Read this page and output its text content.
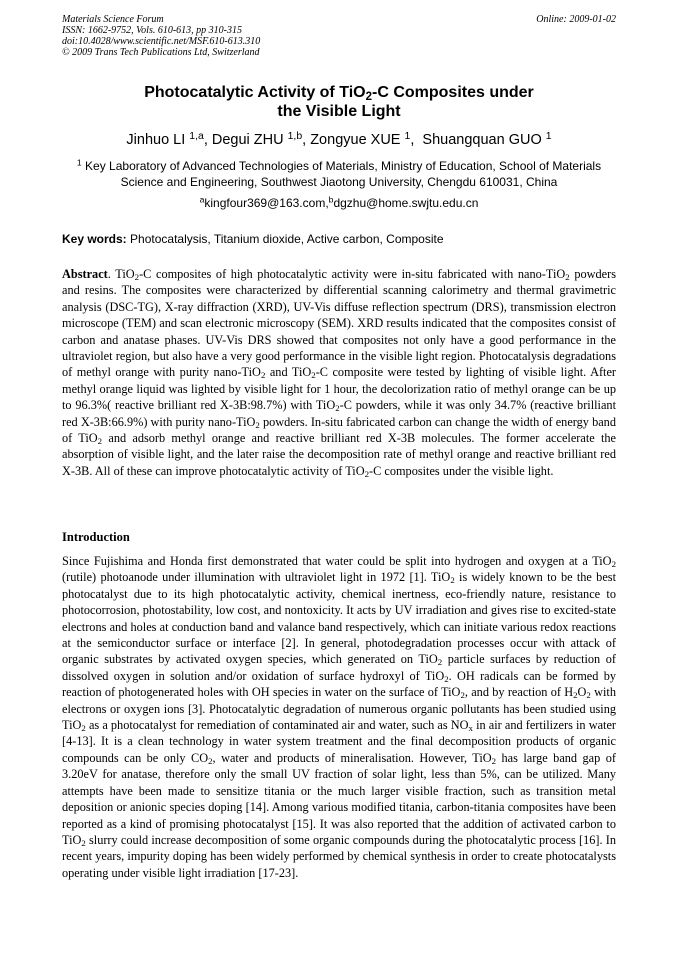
Materials Science Forum
ISSN: 1662-9752, Vols. 610-613, pp 310-315
doi:10.4028/www.scientific.net/MSF.610-613.310
© 2009 Trans Tech Publications Ltd, Switzerland
Online: 2009-01-02
Photocatalytic Activity of TiO$_2$-C Composites under
the Visible Light
Jinhuo LI $^{1,a}$, Degui ZHU $^{1,b}$, Zongyue XUE $^1$,  Shuangquan GUO $^1$
$^1$ Key Laboratory of Advanced Technologies of Materials, Ministry of Education, School of Materials
Science and Engineering, Southwest Jiaotong University, Chengdu 610031, China
$^a$kingfour369@163.com,$^b$dgzhu@home.swjtu.edu.cn
Key words: Photocatalysis, Titanium dioxide, Active carbon, Composite
Abstract. TiO$_2$-C composites of high photocatalytic activity were in-situ fabricated with nano-TiO$_2$ powders and resins. The composites were characterized by differential scanning calorimetry and thermal gravimetric analysis (DSC-TG), X-ray diffraction (XRD), UV-Vis diffuse reflection spectrum (DRS), transmission electron microscope (TEM) and scan electronic microscopy (SEM). XRD results indicated that the composites consist of carbon and anatase phases. UV-Vis DRS showed that composites not only have a good performance in the ultraviolet region, but also have a very good performance in the visible light region. Photocatalysis degradations of methyl orange with purity nano-TiO$_2$ and TiO$_2$-C composite were tested by lighting of visible light. After methyl orange liquid was lighted by visible light for 1 hour, the decolorization ratio of methyl orange can be up to 96.3%( reactive brilliant red X-3B:98.7%) with TiO$_2$-C powders, while it was only 34.7% (reactive brilliant red X-3B:66.9%) with purity nano-TiO$_2$ powders. In-situ fabricated carbon can change the width of energy band of TiO$_2$ and adsorb methyl orange and reactive brilliant red X-3B molecules. The former accelerate the absorption of visible light, and the later raise the decomposition rate of methyl orange and reactive brilliant red X-3B. All of these can improve photocatalytic activity of TiO$_2$-C composites under the visible light.
Introduction
Since Fujishima and Honda first demonstrated that water could be split into hydrogen and oxygen at a TiO$_2$ (rutile) photoanode under illumination with ultraviolet light in 1972 [1]. TiO$_2$ is widely known to be the best photocatalyst due to its high photocatalytic activity, chemical inertness, eco-friendly nature, resistance to photocorrosion, photostability, low cost, and nontoxicity. It acts by UV irradiation and gives rise to excited-state electrons and holes at conduction band and valance band respectively, which can initiate various redox reactions at the semiconductor surface or interface [2]. In general, photodegradation processes occur with attack of organic substrates by activated oxygen species, which generated on TiO$_2$ particle surfaces by reduction of dissolved oxygen in solution and/or oxidation of surface hydroxyl of TiO$_2$. OH radicals can be formed by reaction of photogenerated holes with OH species in water on the surface of TiO$_2$, and by reaction of $H_2O_2$ with electrons or oxygen ions [3]. Photocatalytic degradation of numerous organic pollutants has been studied using TiO$_2$ as a photocatalyst for remediation of contaminated air and water, such as $NO_x$ in air and fertilizers in water [4-13]. It is a clean technology in water system treatment and the final decomposition products of organic compounds can be only $CO_2$, water and products of mineralisation. However, TiO$_2$ has large band gap of 3.20eV for anatase, therefore only the small UV fraction of solar light, less than 5%, can be utilized. Many attempts have been made to sensitize titania or the much larger visible fraction, such as transition metal deposition or anionic species doping [14]. Among various modified titania, carbon-titania composites have been reported as a kind of promising photocatalyst [15]. It was also reported that the addition of activated carbon to TiO$_2$ slurry could increase decomposition of some organic compounds during the photocatalytic process [16]. In recent years, impurity doping has been widely performed by chemical synthesis in order to create photocatalysts operating under visible light irradiation [17-23].
